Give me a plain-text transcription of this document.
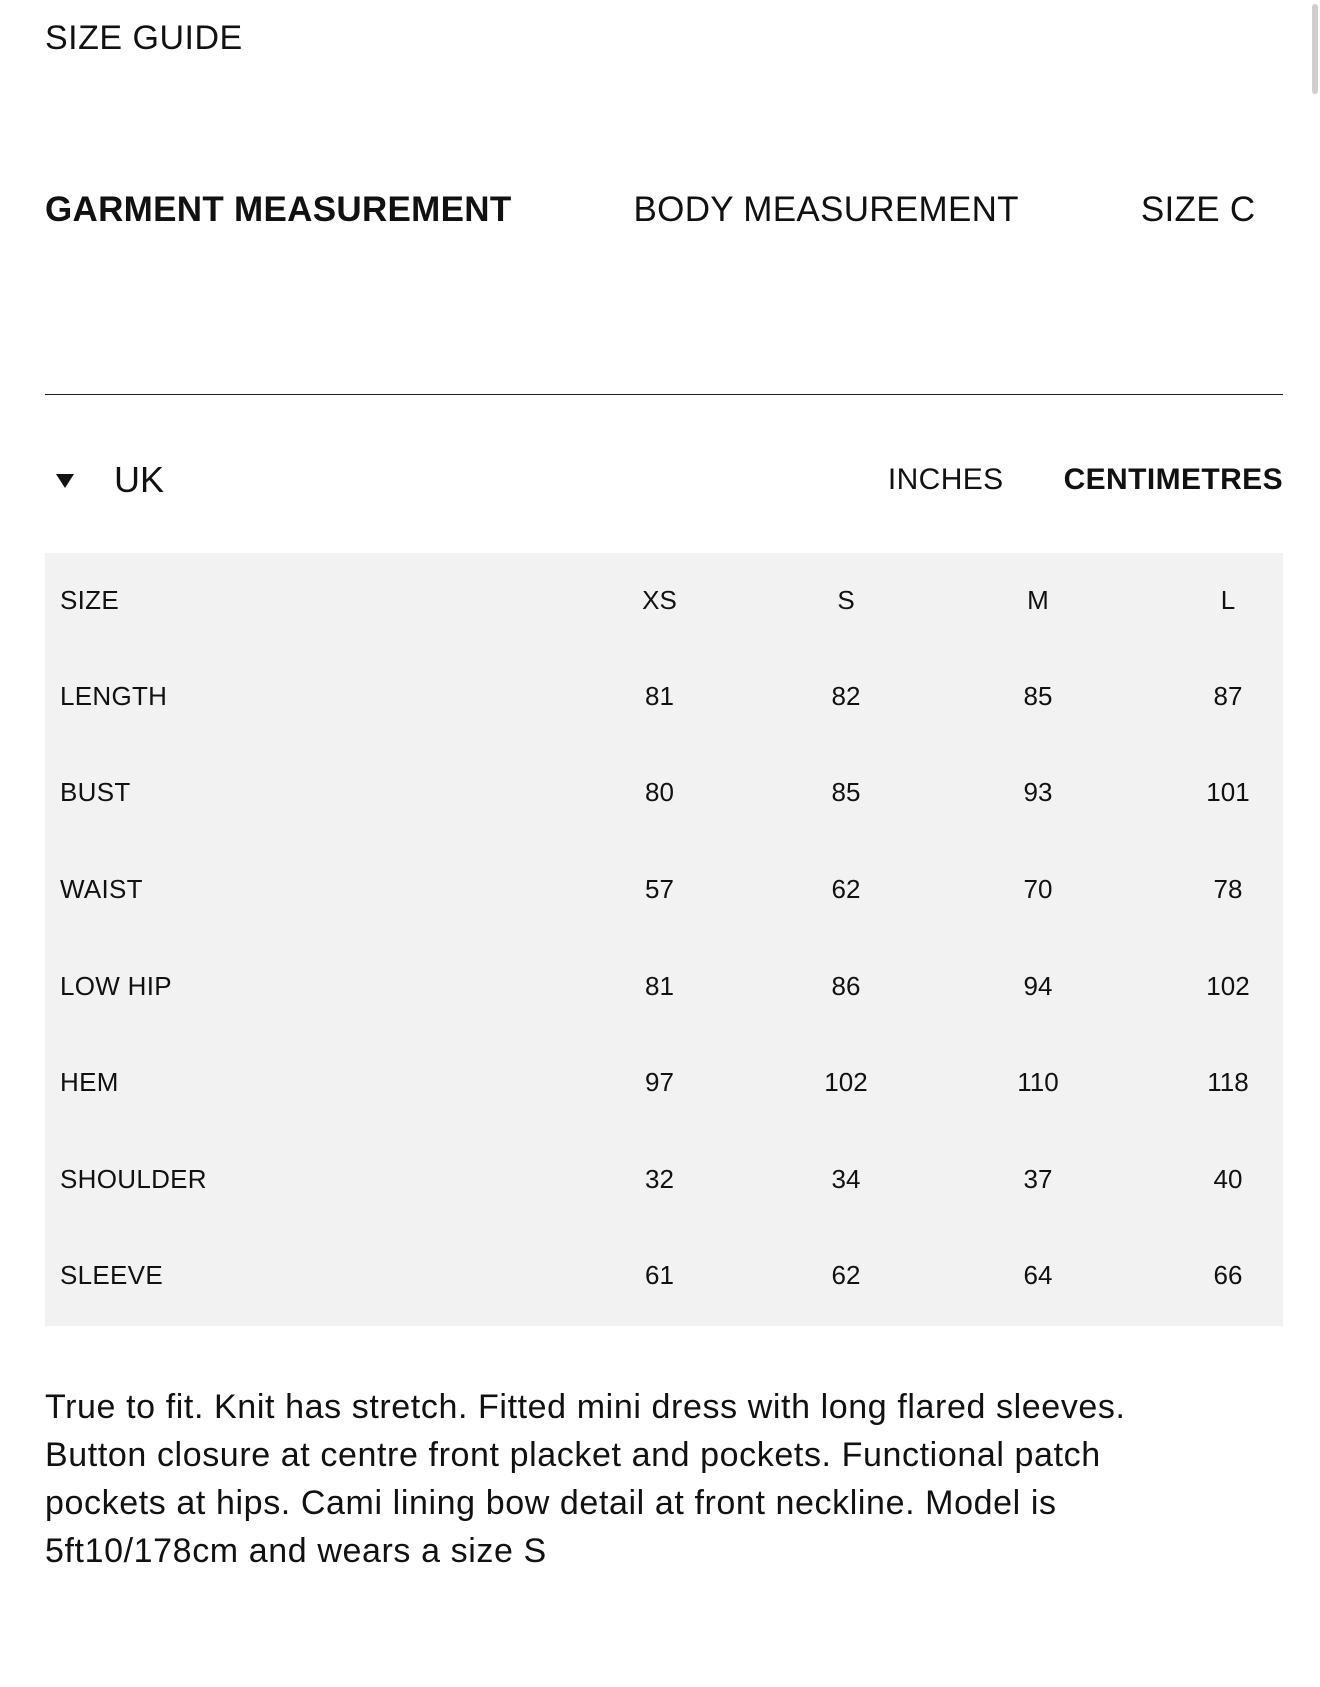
SIZE GUIDE
GARMENT MEASUREMENT	BODY MEASUREMENT	SIZE C
UK	INCHES CENTIMETRES
SIZE	XS	S	M	L
LENGTH	81	82	85	87
BUST	80	85	93	101
WAIST	57	62	70	78
LOW HIP	81	86	94	102
HEM	97	102	110	118
SHOULDER	32	34	37	40
SLEEVE	61	62	64	66
True to fit. Knit has stretch. Fitted mini dress with long flared sleeves. Button closure at centre front placket and pockets. Functional patch pockets at hips. Cami lining bow detail at front neckline. Model is 5ft10/178cm and wears a size S
